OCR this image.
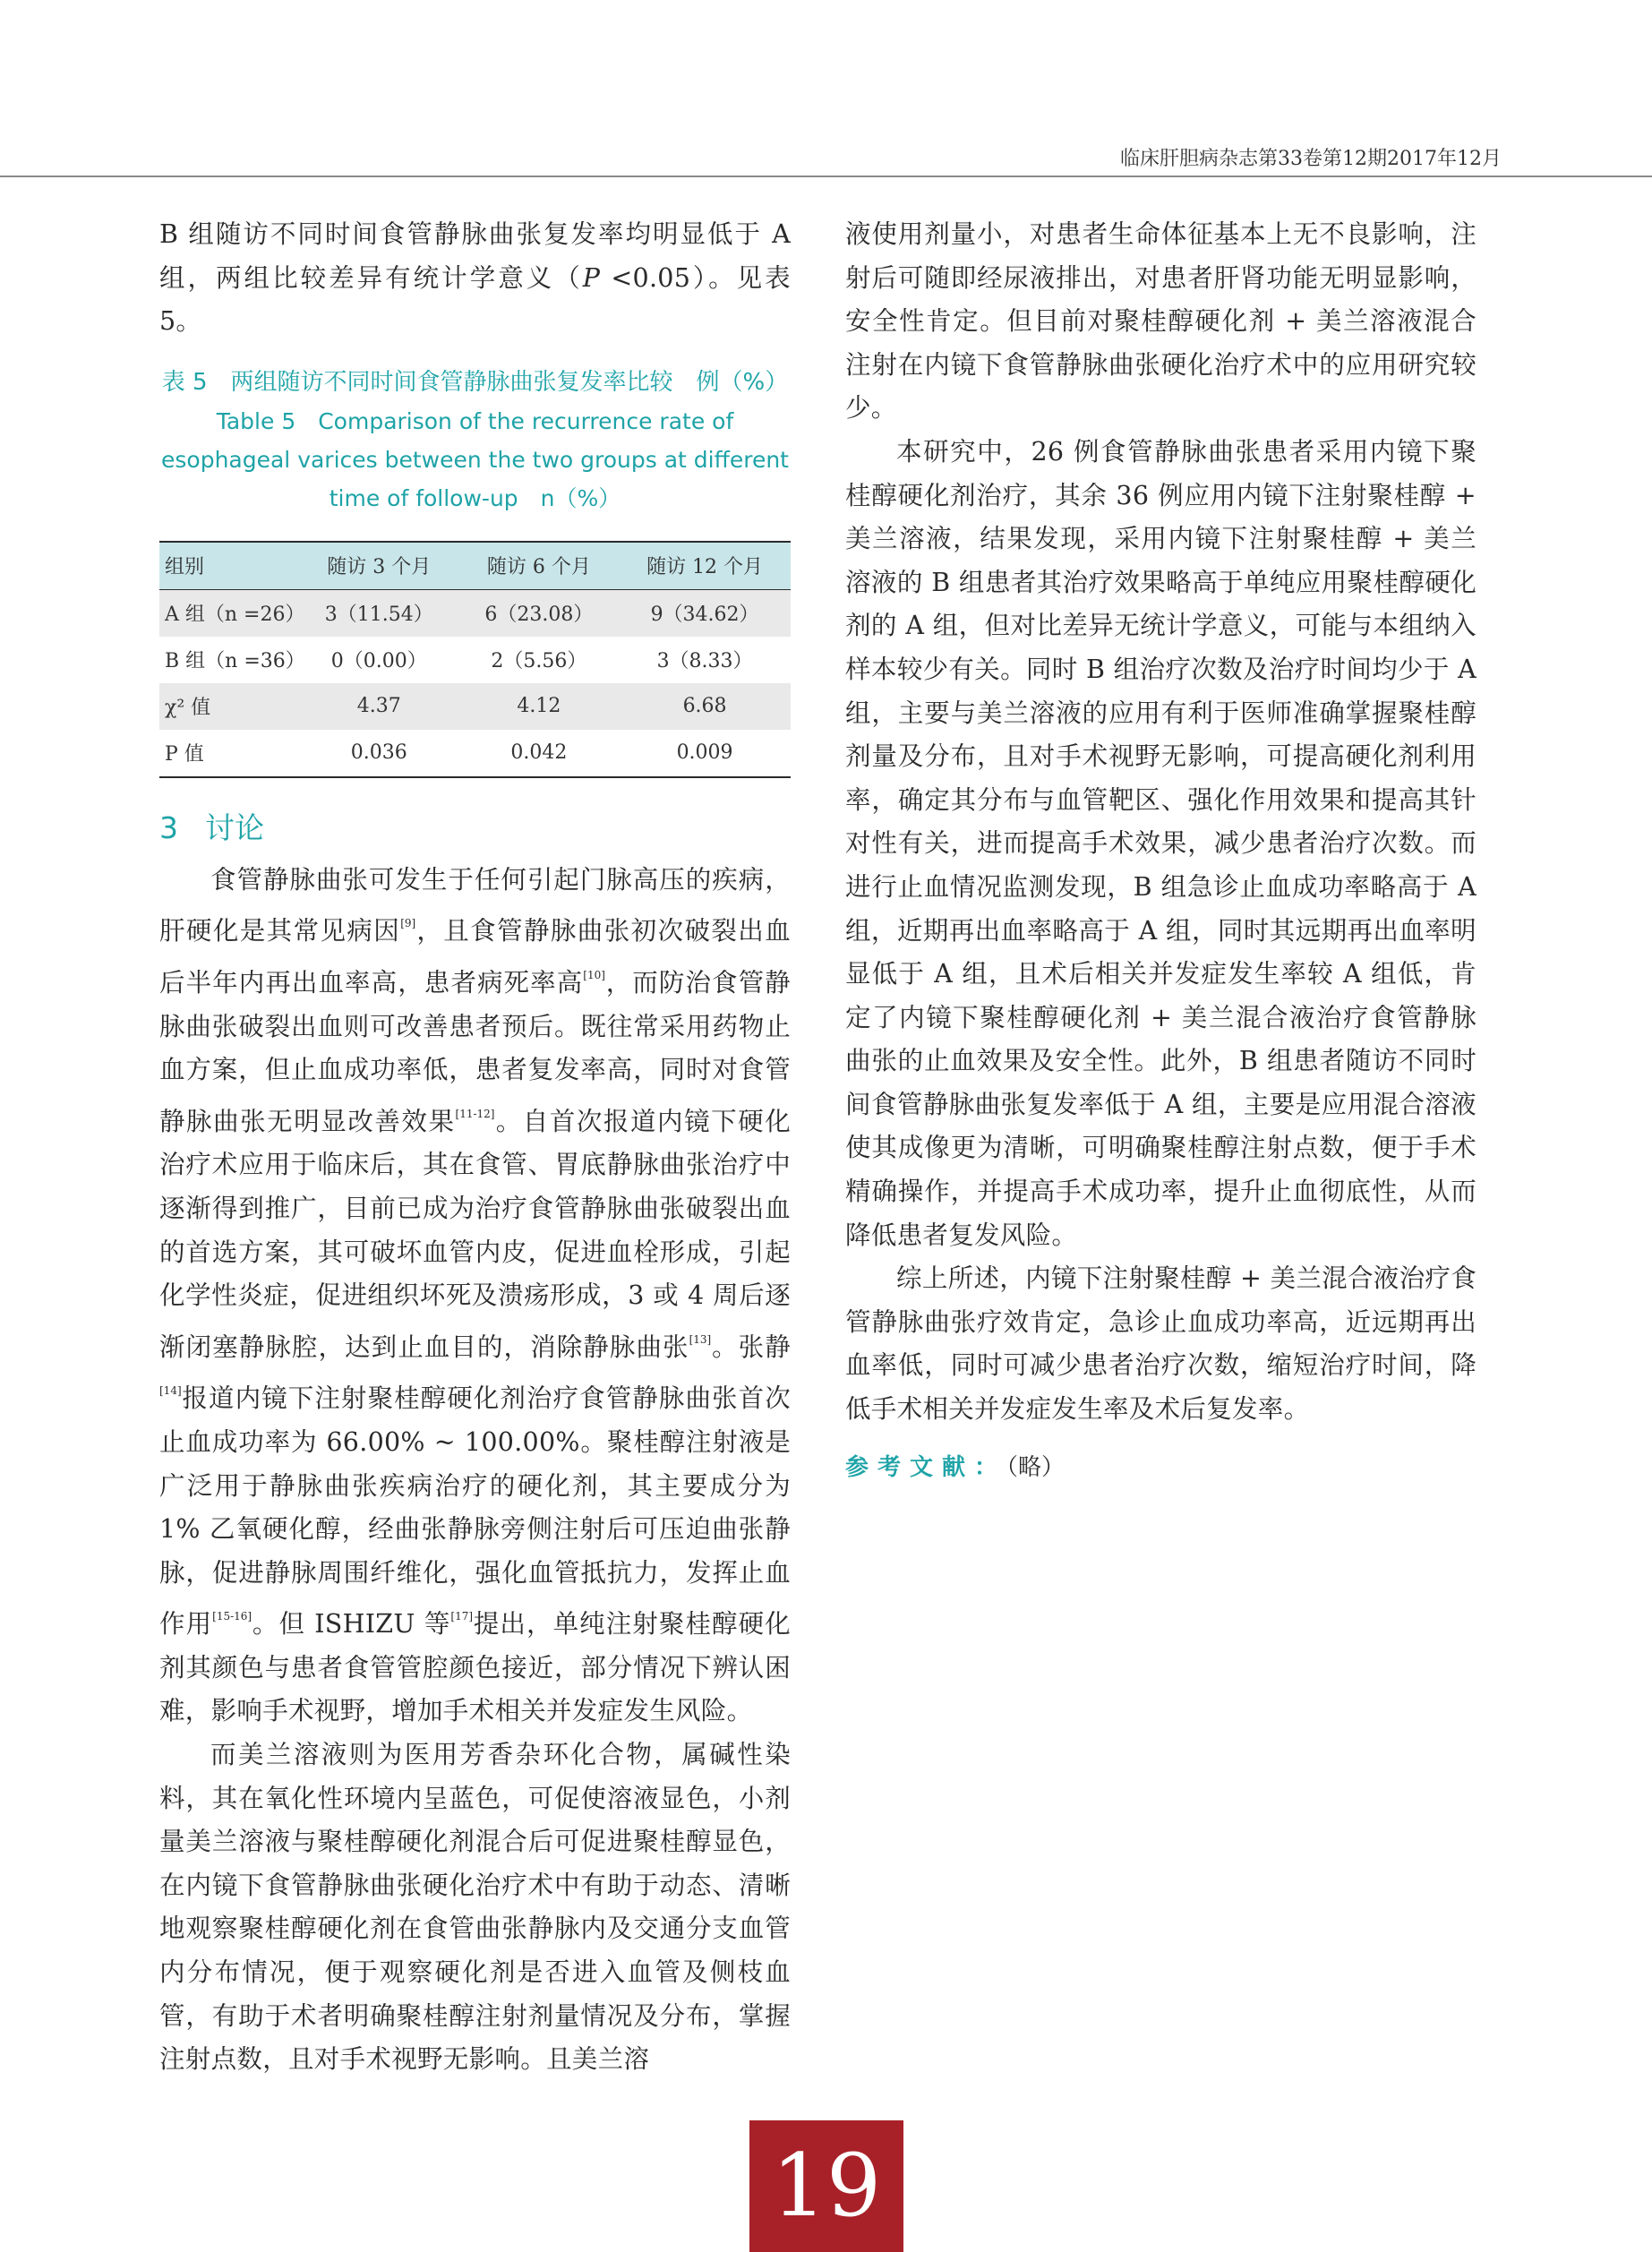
临床肝胆病杂志第33卷第12期2017年12月

B 组随访不同时间食管静脉曲张复发率均明显低于 A 组，两组比较差异有统计学意义（P <0.05）。见表 5。

表 5　两组随访不同时间食管静脉曲张复发率比较　例（%）
Table 5　Comparison of the recurrence rate of esophageal varices between the two groups at different time of follow-up　n（%）
组别	随访 3 个月	随访 6 个月	随访 12 个月
A 组（n =26）	3（11.54）	6（23.08）	9（34.62）
B 组（n =36）	0（0.00）	2（5.56）	3（8.33）
χ² 值	4.37	4.12	6.68
P 值	0.036	0.042	0.009
3 讨论

食管静脉曲张可发生于任何引起门脉高压的疾病，肝硬化是其常见病因[9]，且食管静脉曲张初次破裂出血后半年内再出血率高，患者病死率高[10]，而防治食管静脉曲张破裂出血则可改善患者预后。既往常采用药物止血方案，但止血成功率低，患者复发率高，同时对食管静脉曲张无明显改善效果[11-12]。自首次报道内镜下硬化治疗术应用于临床后，其在食管、胃底静脉曲张治疗中逐渐得到推广，目前已成为治疗食管静脉曲张破裂出血的首选方案，其可破坏血管内皮，促进血栓形成，引起化学性炎症，促进组织坏死及溃疡形成，3 或 4 周后逐渐闭塞静脉腔，达到止血目的，消除静脉曲张[13]。张静[14]报道内镜下注射聚桂醇硬化剂治疗食管静脉曲张首次止血成功率为 66.00% ~ 100.00%。聚桂醇注射液是广泛用于静脉曲张疾病治疗的硬化剂，其主要成分为 1% 乙氧硬化醇，经曲张静脉旁侧注射后可压迫曲张静脉，促进静脉周围纤维化，强化血管抵抗力，发挥止血作用[15-16]。但 ISHIZU 等[17]提出，单纯注射聚桂醇硬化剂其颜色与患者食管管腔颜色接近，部分情况下辨认困难，影响手术视野，增加手术相关并发症发生风险。

而美兰溶液则为医用芳香杂环化合物，属碱性染料，其在氧化性环境内呈蓝色，可促使溶液显色，小剂量美兰溶液与聚桂醇硬化剂混合后可促进聚桂醇显色，在内镜下食管静脉曲张硬化治疗术中有助于动态、清晰地观察聚桂醇硬化剂在食管曲张静脉内及交通分支血管内分布情况，便于观察硬化剂是否进入血管及侧枝血管，有助于术者明确聚桂醇注射剂量情况及分布，掌握注射点数，且对手术视野无影响。且美兰溶

液使用剂量小，对患者生命体征基本上无不良影响，注射后可随即经尿液排出，对患者肝肾功能无明显影响，安全性肯定。但目前对聚桂醇硬化剂 + 美兰溶液混合注射在内镜下食管静脉曲张硬化治疗术中的应用研究较少。

本研究中，26 例食管静脉曲张患者采用内镜下聚桂醇硬化剂治疗，其余 36 例应用内镜下注射聚桂醇 + 美兰溶液，结果发现，采用内镜下注射聚桂醇 + 美兰溶液的 B 组患者其治疗效果略高于单纯应用聚桂醇硬化剂的 A 组，但对比差异无统计学意义，可能与本组纳入样本较少有关。同时 B 组治疗次数及治疗时间均少于 A 组，主要与美兰溶液的应用有利于医师准确掌握聚桂醇剂量及分布，且对手术视野无影响，可提高硬化剂利用率，确定其分布与血管靶区、强化作用效果和提高其针对性有关，进而提高手术效果，减少患者治疗次数。而进行止血情况监测发现，B 组急诊止血成功率略高于 A 组，近期再出血率略高于 A 组，同时其远期再出血率明显低于 A 组，且术后相关并发症发生率较 A 组低，肯定了内镜下聚桂醇硬化剂 + 美兰混合液治疗食管静脉曲张的止血效果及安全性。此外，B 组患者随访不同时间食管静脉曲张复发率低于 A 组，主要是应用混合溶液使其成像更为清晰，可明确聚桂醇注射点数，便于手术精确操作，并提高手术成功率，提升止血彻底性，从而降低患者复发风险。

综上所述，内镜下注射聚桂醇 + 美兰混合液治疗食管静脉曲张疗效肯定，急诊止血成功率高，近远期再出血率低，同时可减少患者治疗次数，缩短治疗时间，降低手术相关并发症发生率及术后复发率。

参考文献：（略）
19
